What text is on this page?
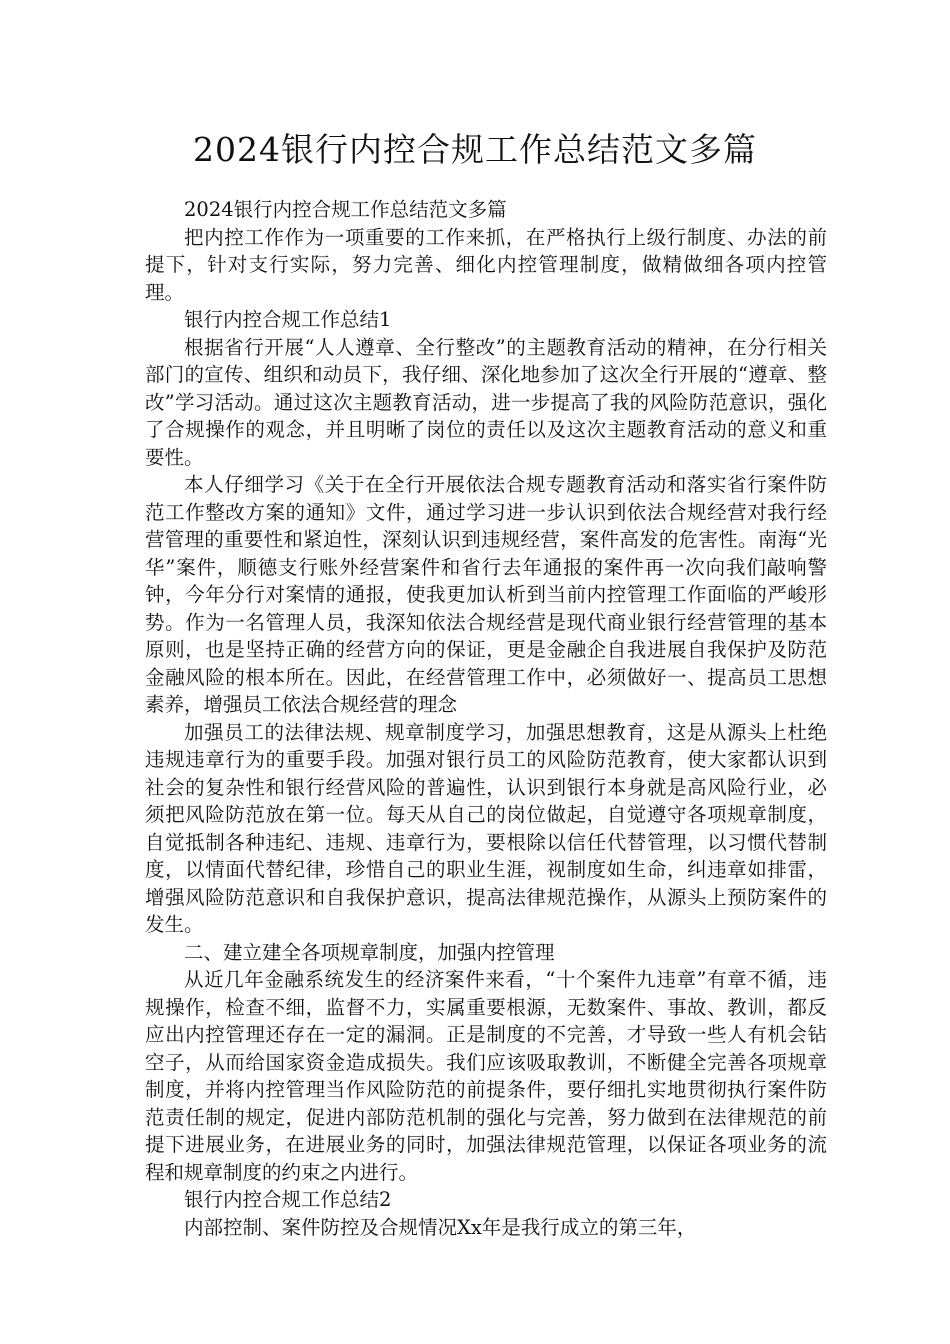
2024银行内控合规工作总结范文多篇

2024银行内控合规工作总结范文多篇

把内控工作作为一项重要的工作来抓，在严格执行上级行制度、办法的前提下，针对支行实际，努力完善、细化内控管理制度，做精做细各项内控管理。

银行内控合规工作总结1

根据省行开展“人人遵章、全行整改”的主题教育活动的精神，在分行相关部门的宣传、组织和动员下，我仔细、深化地参加了这次全行开展的“遵章、整改”学习活动。通过这次主题教育活动，进一步提高了我的风险防范意识，强化了合规操作的观念，并且明晰了岗位的责任以及这次主题教育活动的意义和重要性。

本人仔细学习《关于在全行开展依法合规专题教育活动和落实省行案件防范工作整改方案的通知》文件，通过学习进一步认识到依法合规经营对我行经营管理的重要性和紧迫性，深刻认识到违规经营，案件高发的危害性。南海“光华”案件，顺德支行账外经营案件和省行去年通报的案件再一次向我们敲响警钟，今年分行对案情的通报，使我更加认析到当前内控管理工作面临的严峻形势。作为一名管理人员，我深知依法合规经营是现代商业银行经营管理的基本原则，也是坚持正确的经营方向的保证，更是金融企自我进展自我保护及防范金融风险的根本所在。因此，在经营管理工作中，必须做好一、提高员工思想素养，增强员工依法合规经营的理念

加强员工的法律法规、规章制度学习，加强思想教育，这是从源头上杜绝违规违章行为的重要手段。加强对银行员工的风险防范教育，使大家都认识到社会的复杂性和银行经营风险的普遍性，认识到银行本身就是高风险行业，必须把风险防范放在第一位。每天从自己的岗位做起，自觉遵守各项规章制度，自觉抵制各种违纪、违规、违章行为，要根除以信任代替管理，以习惯代替制度，以情面代替纪律，珍惜自己的职业生涯，视制度如生命，纠违章如排雷，增强风险防范意识和自我保护意识，提高法律规范操作，从源头上预防案件的发生。

二、建立建全各项规章制度，加强内控管理

从近几年金融系统发生的经济案件来看，“十个案件九违章”有章不循，违规操作，检查不细，监督不力，实属重要根源，无数案件、事故、教训，都反应出内控管理还存在一定的漏洞。正是制度的不完善，才导致一些人有机会钻空子，从而给国家资金造成损失。我们应该吸取教训，不断健全完善各项规章制度，并将内控管理当作风险防范的前提条件，要仔细扎实地贯彻执行案件防范责任制的规定，促进内部防范机制的强化与完善，努力做到在法律规范的前提下进展业务，在进展业务的同时，加强法律规范管理，以保证各项业务的流程和规章制度的约束之内进行。

银行内控合规工作总结2

内部控制、案件防控及合规情况Xx年是我行成立的第三年，
